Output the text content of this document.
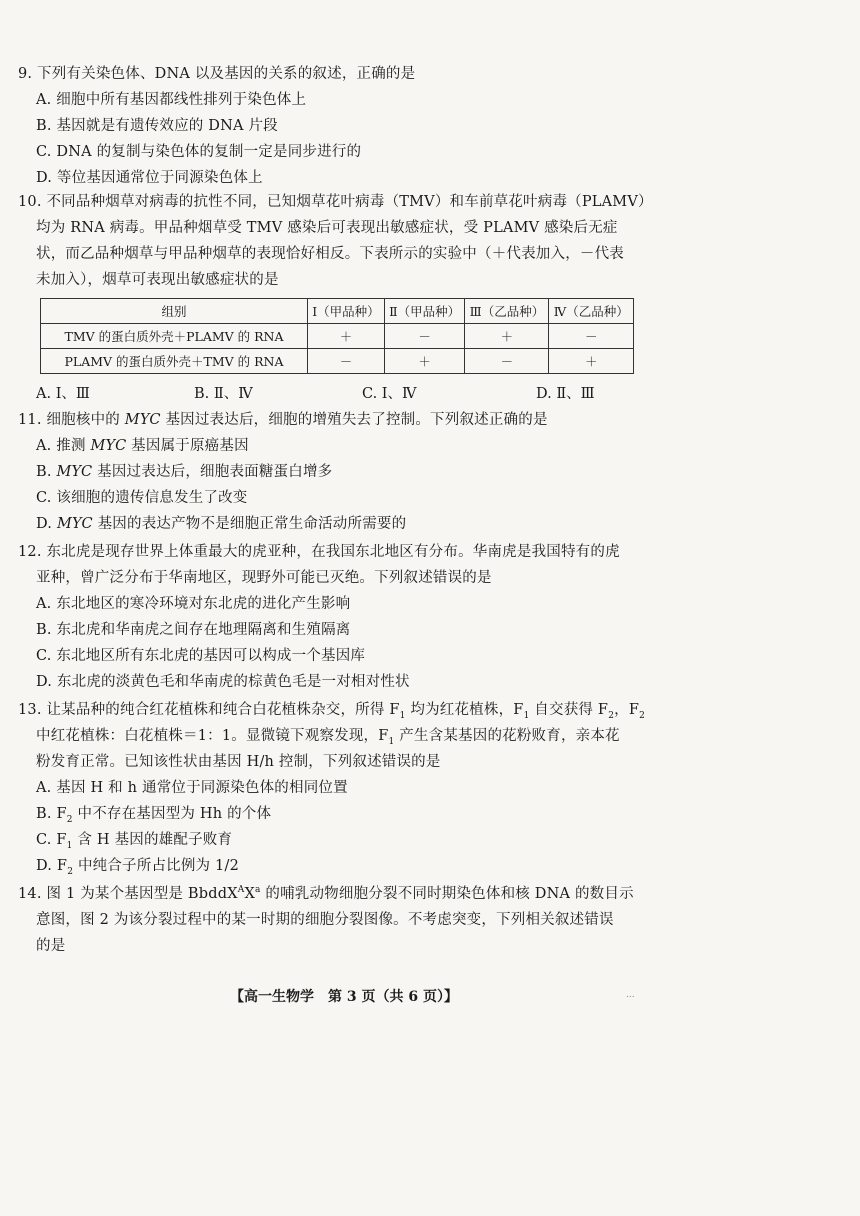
9. 下列有关染色体、DNA 以及基因的关系的叙述，正确的是
A. 细胞中所有基因都线性排列于染色体上
B. 基因就是有遗传效应的 DNA 片段
C. DNA 的复制与染色体的复制一定是同步进行的
D. 等位基因通常位于同源染色体上
10. 不同品种烟草对病毒的抗性不同，已知烟草花叶病毒（TMV）和车前草花叶病毒（PLAMV）
均为 RNA 病毒。甲品种烟草受 TMV 感染后可表现出敏感症状，受 PLAMV 感染后无症
状，而乙品种烟草与甲品种烟草的表现恰好相反。下表所示的实验中（＋代表加入，－代表
未加入），烟草可表现出敏感症状的是
组别	Ⅰ（甲品种）	Ⅱ（甲品种）	Ⅲ（乙品种）	Ⅳ（乙品种）
TMV 的蛋白质外壳＋PLAMV 的 RNA	＋	－	＋	－
PLAMV 的蛋白质外壳＋TMV 的 RNA	－	＋	－	＋
A. Ⅰ、Ⅲ	B. Ⅱ、Ⅳ	C. Ⅰ、Ⅳ	D. Ⅱ、Ⅲ
11. 细胞核中的 MYC 基因过表达后，细胞的增殖失去了控制。下列叙述正确的是
A. 推测 MYC 基因属于原癌基因
B. MYC 基因过表达后，细胞表面糖蛋白增多
C. 该细胞的遗传信息发生了改变
D. MYC 基因的表达产物不是细胞正常生命活动所需要的
12. 东北虎是现存世界上体重最大的虎亚种，在我国东北地区有分布。华南虎是我国特有的虎
亚种，曾广泛分布于华南地区，现野外可能已灭绝。下列叙述错误的是
A. 东北地区的寒冷环境对东北虎的进化产生影响
B. 东北虎和华南虎之间存在地理隔离和生殖隔离
C. 东北地区所有东北虎的基因可以构成一个基因库
D. 东北虎的淡黄色毛和华南虎的棕黄色毛是一对相对性状
13. 让某品种的纯合红花植株和纯合白花植株杂交，所得 $F_1$ 均为红花植株，$F_1$ 自交获得 $F_2$，$F_2$
中红花植株：白花植株＝1：1。显微镜下观察发现，$F_1$ 产生含某基因的花粉败育，亲本花
粉发育正常。已知该性状由基因 H/h 控制，下列叙述错误的是
A. 基因 H 和 h 通常位于同源染色体的相同位置
B. $F_2$ 中不存在基因型为 Hh 的个体
C. $F_1$ 含 H 基因的雄配子败育
D. $F_2$ 中纯合子所占比例为 1/2
14. 图 1 为某个基因型是 $BbddX^AX^a$ 的哺乳动物细胞分裂不同时期染色体和核 DNA 的数目示
意图，图 2 为该分裂过程中的某一时期的细胞分裂图像。不考虑突变，下列相关叙述错误
的是
【高一生物学　第 3 页（共 6 页）】	...
